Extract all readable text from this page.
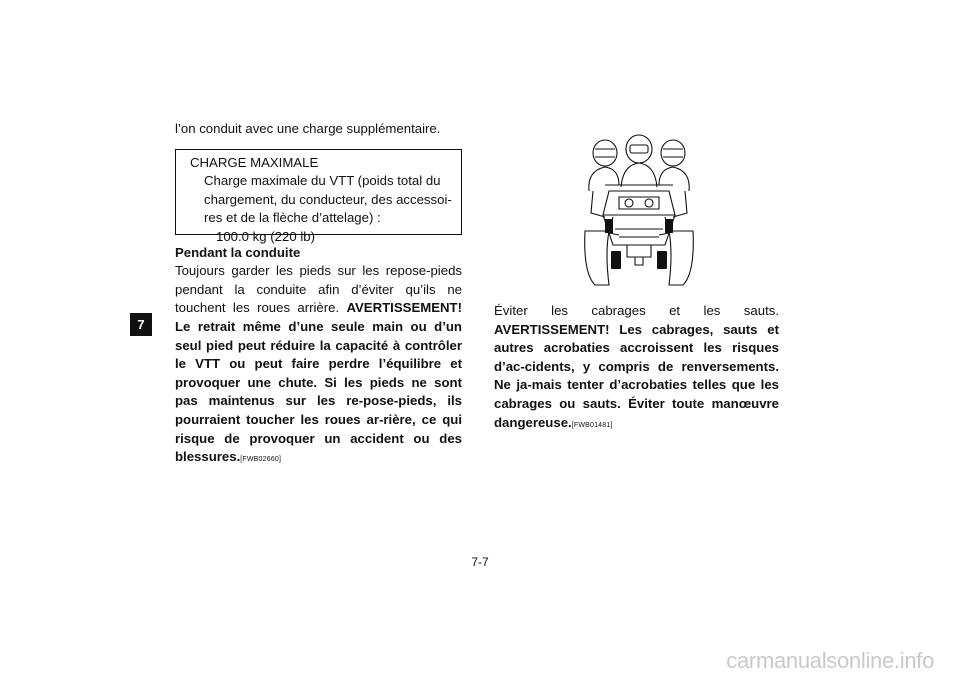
7

l’on conduit avec une charge supplémentaire.

CHARGE MAXIMALE
Charge maximale du VTT (poids total du chargement, du conducteur, des accessoi-res et de la flèche d’attelage) :
100.0 kg (220 lb)

Pendant la conduite

Toujours garder les pieds sur les repose-pieds pendant la conduite afin d’éviter qu’ils ne touchent les roues arrière. AVERTISSEMENT! Le retrait même d’une seule main ou d’un seul pied peut réduire la capacité à contrôler le VTT ou peut faire perdre l’équilibre et provoquer une chute. Si les pieds ne sont pas maintenus sur les re-pose-pieds, ils pourraient toucher les roues ar-rière, ce qui risque de provoquer un accident ou des blessures.[FWB02660]

Éviter les cabrages et les sauts. AVERTISSEMENT! Les cabrages, sauts et autres acrobaties accroissent les risques d’ac-cidents, y compris de renversements. Ne ja-mais tenter d’acrobaties telles que les cabrages ou sauts. Éviter toute manœuvre dangereuse.[FWB01481]

7-7
carmanualsonline.info
